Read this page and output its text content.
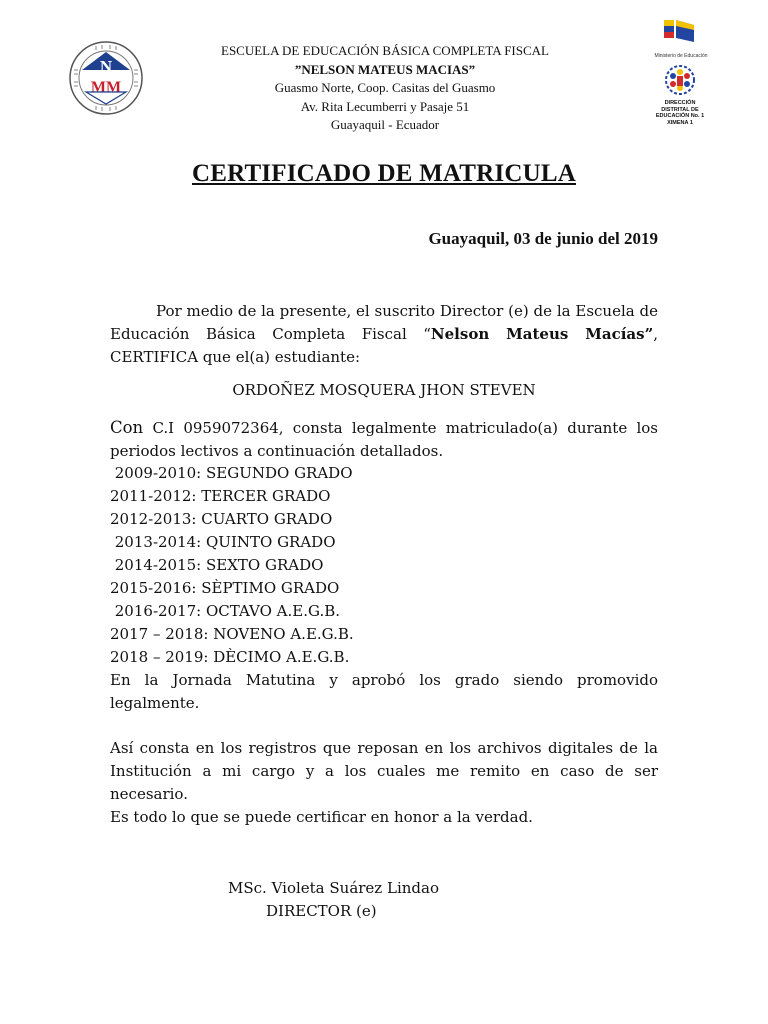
N
MM
ESCUELA DE EDUCACIÓN BÁSICA COMPLETA FISCAL
”NELSON MATEUS MACIAS”
Guasmo Norte, Coop. Casitas del Guasmo
Av. Rita Lecumberri y Pasaje 51
Guayaquil - Ecuador
Ministerio de Educación
DIRECCIÓN DISTRITAL DE EDUCACIÓN No. 1 XIMENA 1
CERTIFICADO DE MATRICULA
Guayaquil, 03 de junio del 2019
Por medio de la presente, el suscrito Director (e) de la Escuela de Educación Básica Completa Fiscal “Nelson Mateus Macías”, CERTIFICA que el(a) estudiante:
ORDOÑEZ MOSQUERA JHON STEVEN
Con C.I 0959072364, consta legalmente matriculado(a) durante los periodos lectivos a continuación detallados.
2009-2010: SEGUNDO GRADO
2011-2012: TERCER GRADO
2012-2013: CUARTO GRADO
2013-2014: QUINTO GRADO
2014-2015: SEXTO GRADO
2015-2016: SÈPTIMO GRADO
2016-2017: OCTAVO A.E.G.B.
2017 – 2018: NOVENO A.E.G.B.
2018 – 2019: DÈCIMO A.E.G.B.
En la Jornada Matutina y aprobó los grado siendo promovido legalmente.
Así consta en los registros que reposan en los archivos digitales de la Institución a mi cargo y a los cuales me remito en caso de ser necesario.
Es todo lo que se puede certificar en honor a la verdad.
MSc. Violeta Suárez Lindao
DIRECTOR (e)
